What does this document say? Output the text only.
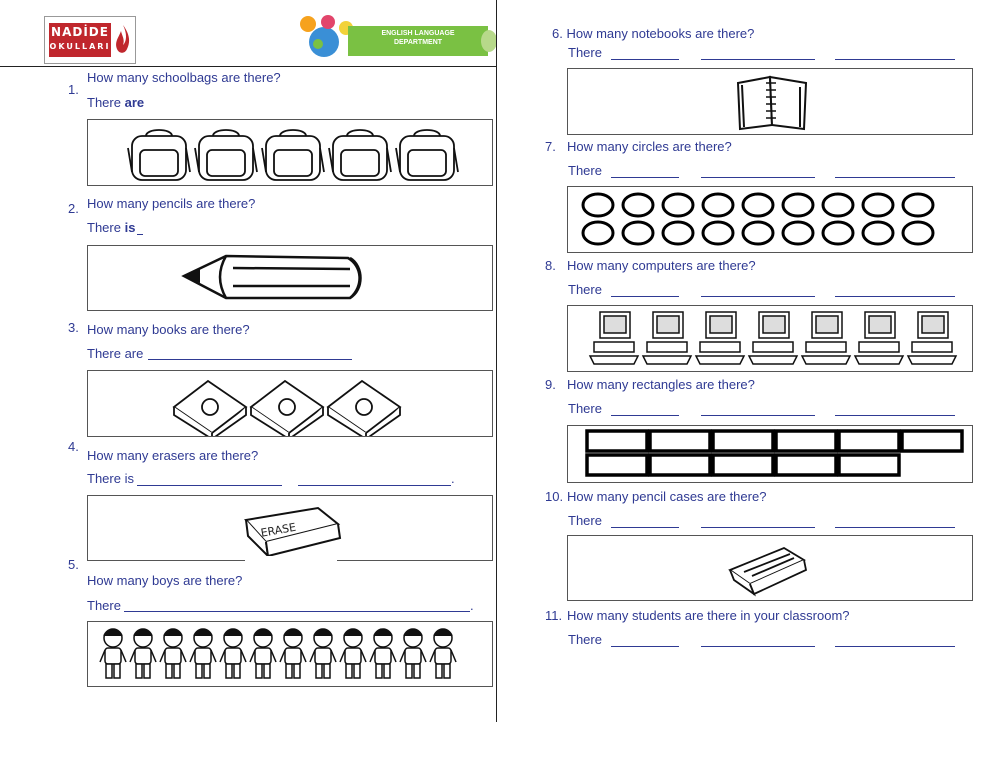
NADİDE
OKULLARI
ENGLISH LANGUAGE
DEPARTMENT
1.
How many schoolbags are there?
There are
2. How many pencils are there?
There is
3. How many books are there?
There are
4.
How many erasers are there?
There is	.
ERASE
5.
How many boys are there?
There	.
6. How many notebooks are there?
There
7. How many circles are there?
There
8. How many computers are there?
There
9. How many rectangles are there?
There
10. How many pencil cases are there?
There
11. How many students are there in your classroom?
There
